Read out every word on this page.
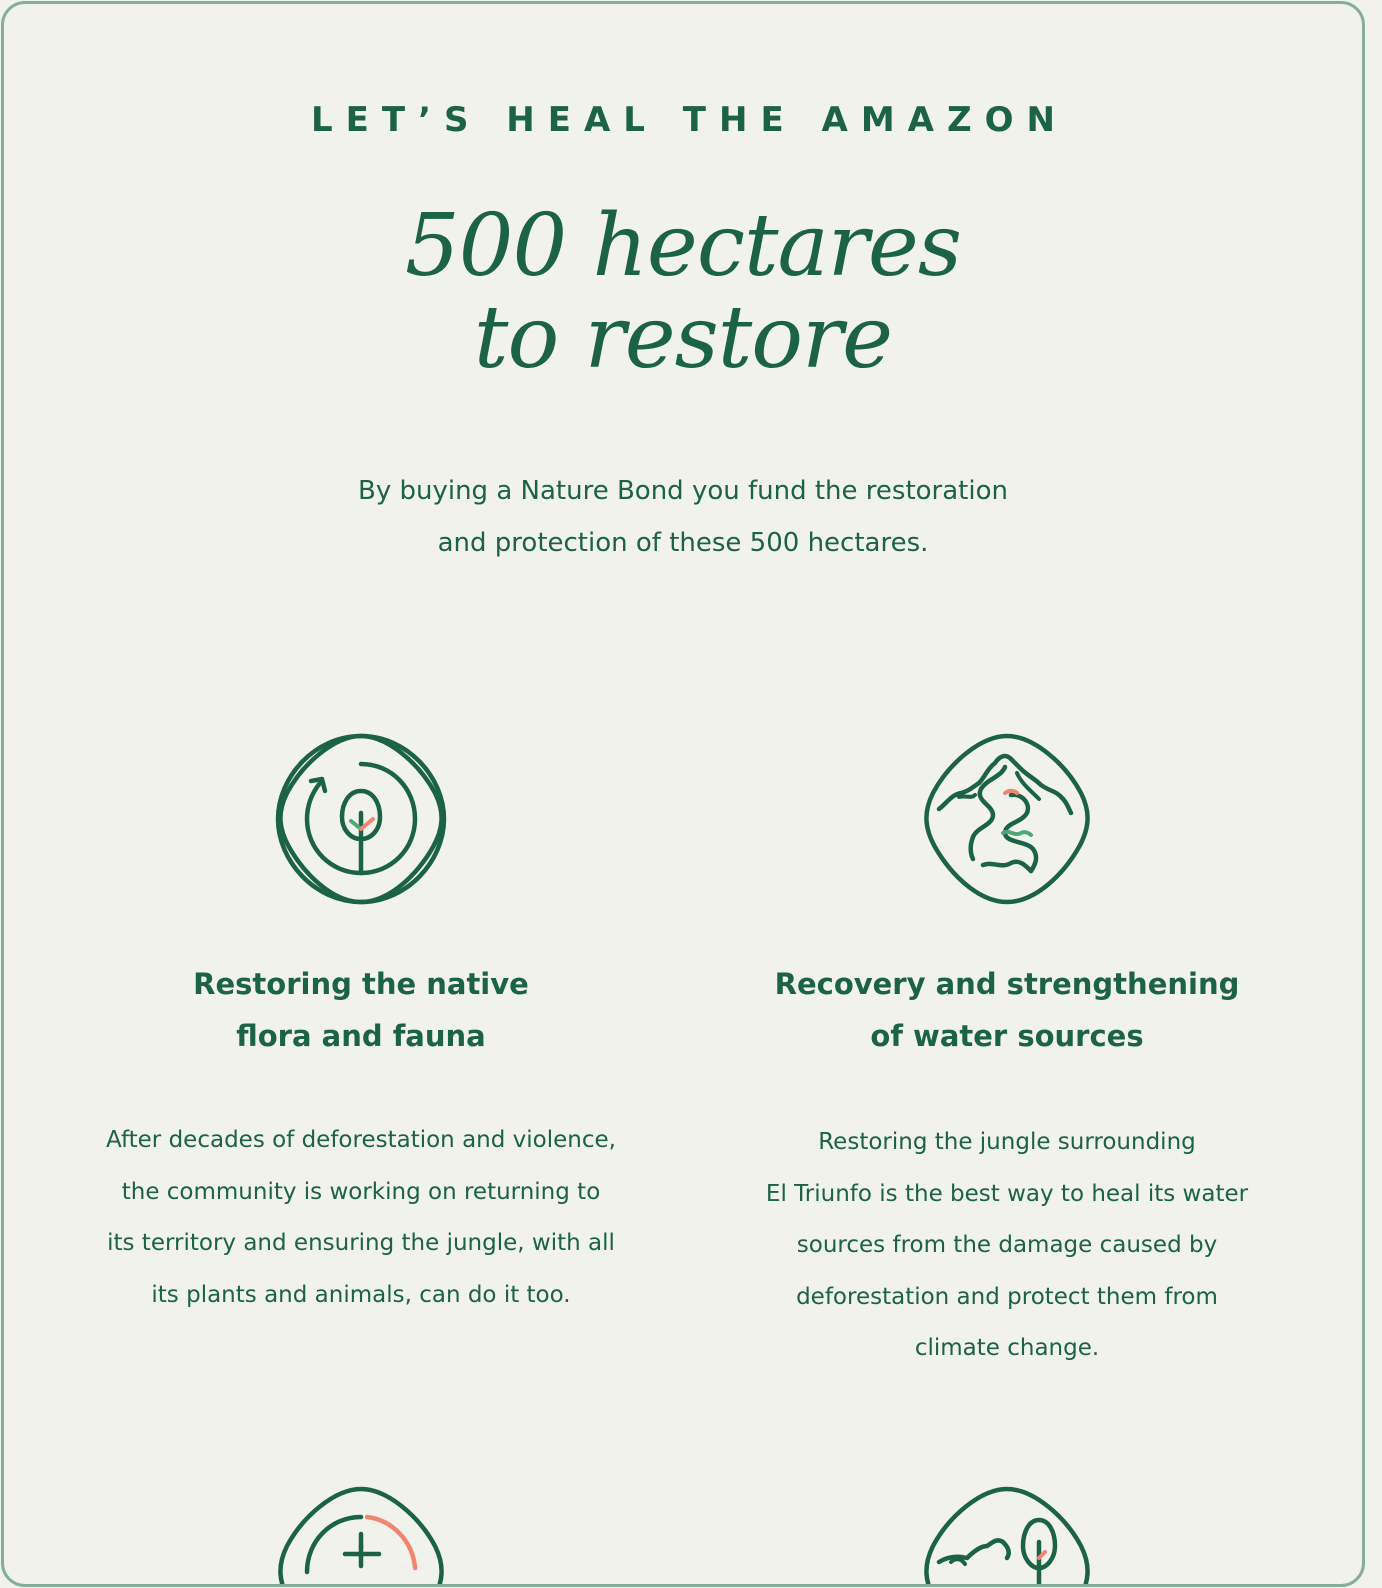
LET’S HEAL THE AMAZON
500 hectares
to restore
By buying a Nature Bond you fund the restoration
and protection of these 500 hectares.
Restoring the native
flora and fauna
After decades of deforestation and violence,
the community is working on returning to
its territory and ensuring the jungle, with all
its plants and animals, can do it too.
Recovery and strengthening
of water sources
Restoring the jungle surrounding
El Triunfo is the best way to heal its water
sources from the damage caused by
deforestation and protect them from
climate change.
